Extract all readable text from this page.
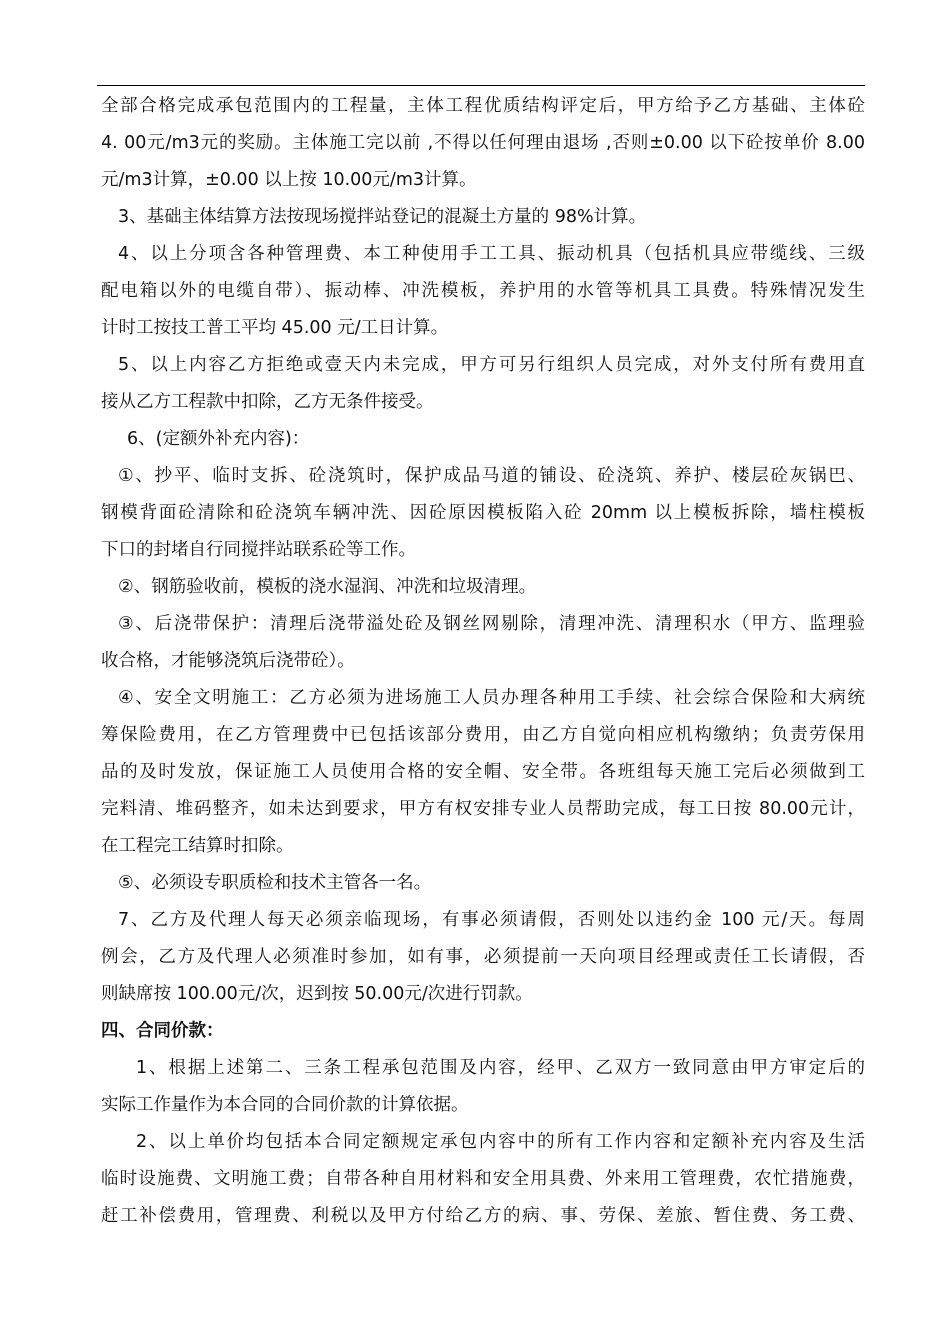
全部合格完成承包范围内的工程量，主体工程优质结构评定后，甲方给予乙方基础、主体砼
4. 00元/m3元的奖励。主体施工完以前 ,不得以任何理由退场 ,否则±0.00 以下砼按单价 8.00
元/m3计算，±0.00 以上按 10.00元/m3计算。
3、基础主体结算方法按现场搅拌站登记的混凝土方量的 98%计算。
4、以上分项含各种管理费、本工种使用手工工具、振动机具（包括机具应带缆线、三级
配电箱以外的电缆自带）、振动棒、冲洗模板，养护用的水管等机具工具费。特殊情况发生
计时工按技工普工平均 45.00 元/工日计算。
5、以上内容乙方拒绝或壹天内未完成，甲方可另行组织人员完成，对外支付所有费用直
接从乙方工程款中扣除，乙方无条件接受。
6、(定额外补充内容)：
①、抄平、临时支拆、砼浇筑时，保护成品马道的铺设、砼浇筑、养护、楼层砼灰锅巴、
钢模背面砼清除和砼浇筑车辆冲洗、因砼原因模板陷入砼 20mm 以上模板拆除，墙柱模板
下口的封堵自行同搅拌站联系砼等工作。
②、钢筋验收前，模板的浇水湿润、冲洗和垃圾清理。
③、后浇带保护：清理后浇带溢处砼及钢丝网剔除，清理冲洗、清理积水（甲方、监理验
收合格，才能够浇筑后浇带砼）。
④、安全文明施工：乙方必须为进场施工人员办理各种用工手续、社会综合保险和大病统
筹保险费用，在乙方管理费中已包括该部分费用，由乙方自觉向相应机构缴纳；负责劳保用
品的及时发放，保证施工人员使用合格的安全帽、安全带。各班组每天施工完后必须做到工
完料清、堆码整齐，如未达到要求，甲方有权安排专业人员帮助完成，每工日按 80.00元计，
在工程完工结算时扣除。
⑤、必须设专职质检和技术主管各一名。
7、乙方及代理人每天必须亲临现场，有事必须请假，否则处以违约金 100 元/天。每周
例会，乙方及代理人必须准时参加，如有事，必须提前一天向项目经理或责任工长请假，否
则缺席按 100.00元/次，迟到按 50.00元/次进行罚款。
四、合同价款：
1、根据上述第二、三条工程承包范围及内容，经甲、乙双方一致同意由甲方审定后的
实际工作量作为本合同的合同价款的计算依据。
2、以上单价均包括本合同定额规定承包内容中的所有工作内容和定额补充内容及生活
临时设施费、文明施工费；自带各种自用材料和安全用具费、外来用工管理费，农忙措施费，
赶工补偿费用，管理费、利税以及甲方付给乙方的病、事、劳保、差旅、暂住费、务工费、
